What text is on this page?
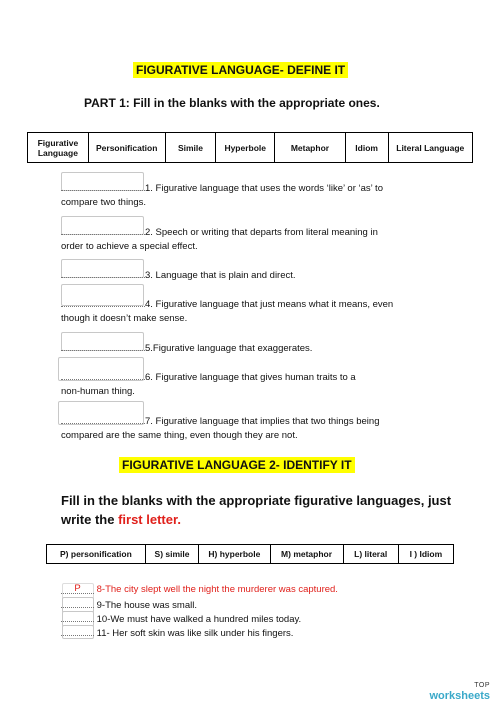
FIGURATIVE LANGUAGE- DEFINE IT
PART 1: Fill in the blanks with the appropriate ones.
Figurative Language	Personification	Simile	Hyperbole	Metaphor	Idiom	Literal Language
1. Figurative language that uses the words ‘like’ or ‘as’ to
compare two things.
2. Speech or writing that departs from literal meaning in
order to achieve a special effect.
3. Language that is plain and direct.
4. Figurative language that just means what it means, even
though it doesn’t make sense.
5.Figurative language that exaggerates.
6. Figurative language that gives human traits to a
non-human thing.
7. Figurative language that implies that two things being
compared are the same thing, even though they are not.
FIGURATIVE LANGUAGE 2- IDENTIFY IT
Fill in the blanks with the appropriate figurative languages, just write the first letter.
P) personification	S) simile	H) hyperbole	M) metaphor	L) literal	I ) Idiom
P 8-The city slept well the night the murderer was captured.
9-The house was small.
10-We must have walked a hundred miles today.
11- Her soft skin was like silk under his fingers.
TOP
worksheets
